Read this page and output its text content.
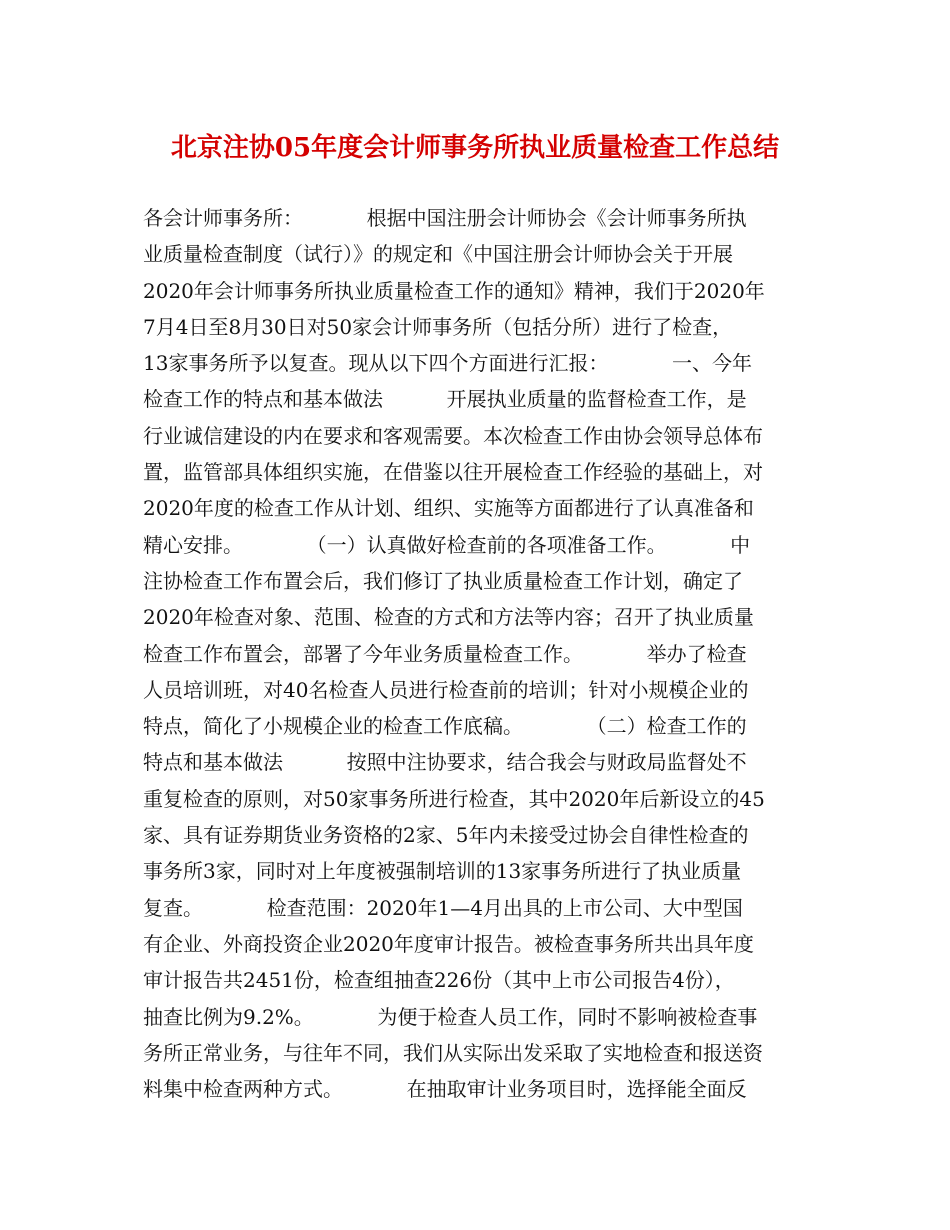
北京注协05年度会计师事务所执业质量检查工作总结
各会计师事务所：          根据中国注册会计师协会《会计师事务所执
业质量检查制度（试行）》的规定和《中国注册会计师协会关于开展
2020年会计师事务所执业质量检查工作的通知》精神，我们于2020年
7月4日至8月30日对50家会计师事务所（包括分所）进行了检查，
13家事务所予以复查。现从以下四个方面进行汇报：          一、今年
检查工作的特点和基本做法          开展执业质量的监督检查工作，是
行业诚信建设的内在要求和客观需要。本次检查工作由协会领导总体布
置，监管部具体组织实施，在借鉴以往开展检查工作经验的基础上，对
2020年度的检查工作从计划、组织、实施等方面都进行了认真准备和
精心安排。          （一）认真做好检查前的各项准备工作。          中
注协检查工作布置会后，我们修订了执业质量检查工作计划，确定了
2020年检查对象、范围、检查的方式和方法等内容；召开了执业质量
检查工作布置会，部署了今年业务质量检查工作。          举办了检查
人员培训班，对40名检查人员进行检查前的培训；针对小规模企业的
特点，简化了小规模企业的检查工作底稿。          （二）检查工作的
特点和基本做法          按照中注协要求，结合我会与财政局监督处不
重复检查的原则，对50家事务所进行检查，其中2020年后新设立的45
家、具有证券期货业务资格的2家、5年内未接受过协会自律性检查的
事务所3家，同时对上年度被强制培训的13家事务所进行了执业质量
复查。          检查范围：2020年1—4月出具的上市公司、大中型国
有企业、外商投资企业2020年度审计报告。被检查事务所共出具年度
审计报告共2451份，检查组抽查226份（其中上市公司报告4份），
抽查比例为9.2%。          为便于检查人员工作，同时不影响被检查事
务所正常业务，与往年不同，我们从实际出发采取了实地检查和报送资
料集中检查两种方式。          在抽取审计业务项目时，选择能全面反
